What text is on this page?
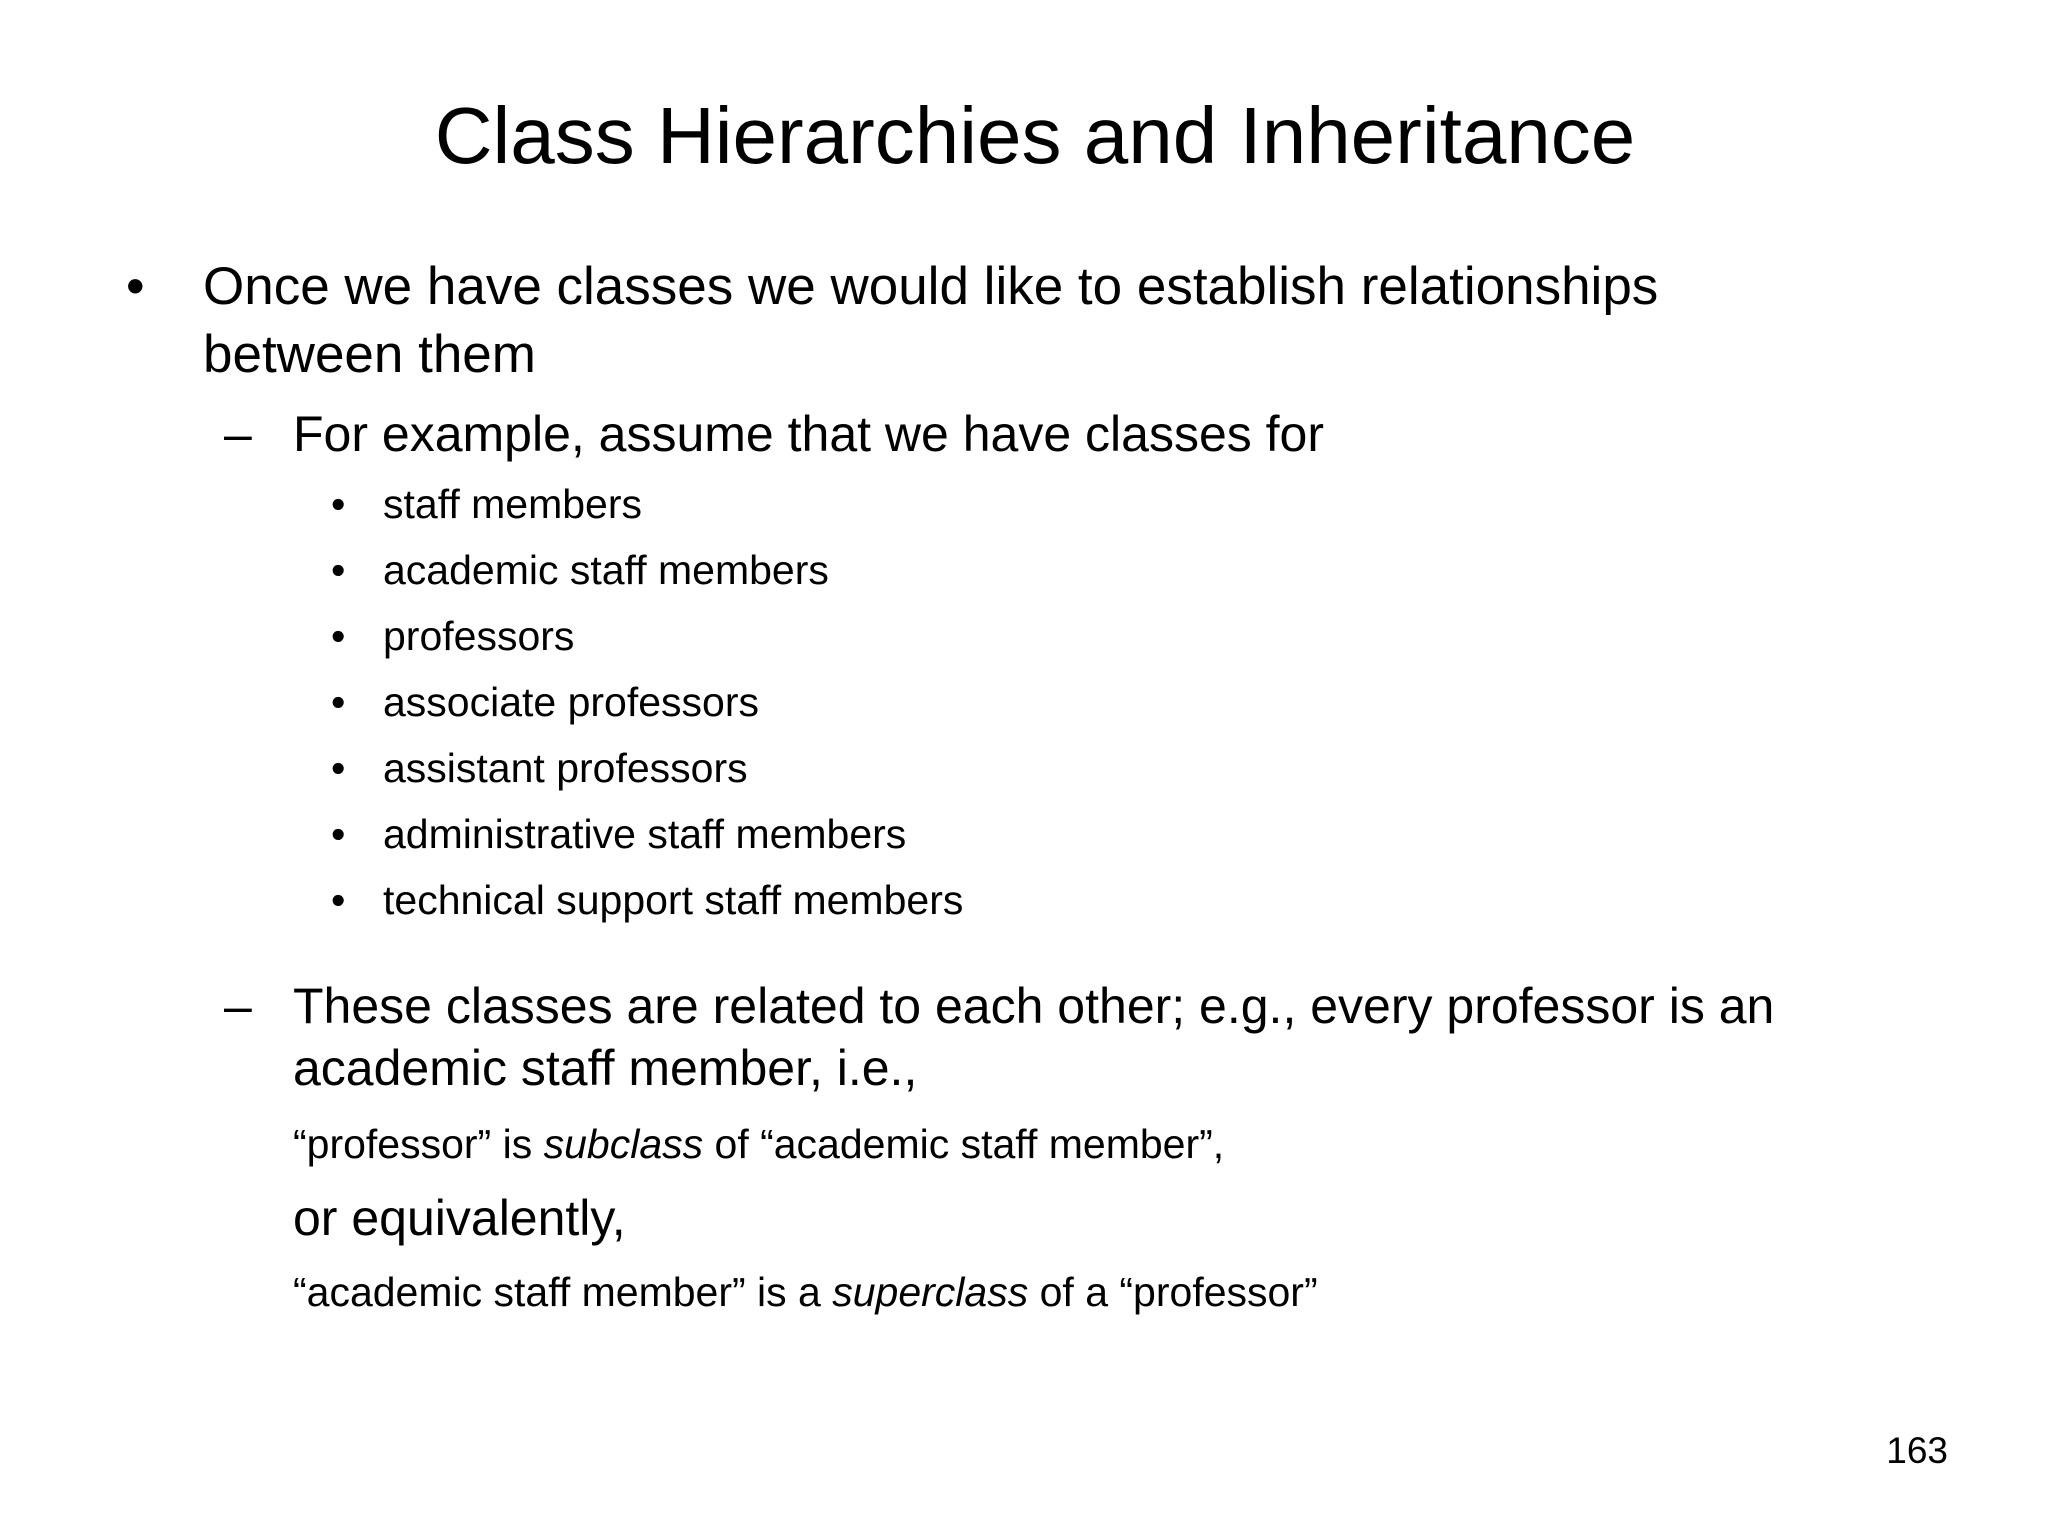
Class Hierarchies and Inheritance
•	Once we have classes we would like to establish relationships
between them
– For example, assume that we have classes for
• staff members
• academic staff members
• professors
• associate professors
• assistant professors
• administrative staff members
• technical support staff members
– These classes are related to each other; e.g., every professor is an
academic staff member, i.e.,
“professor” is subclass of “academic staff member”,
or equivalently,
“academic staff member” is a superclass of a “professor”
163
